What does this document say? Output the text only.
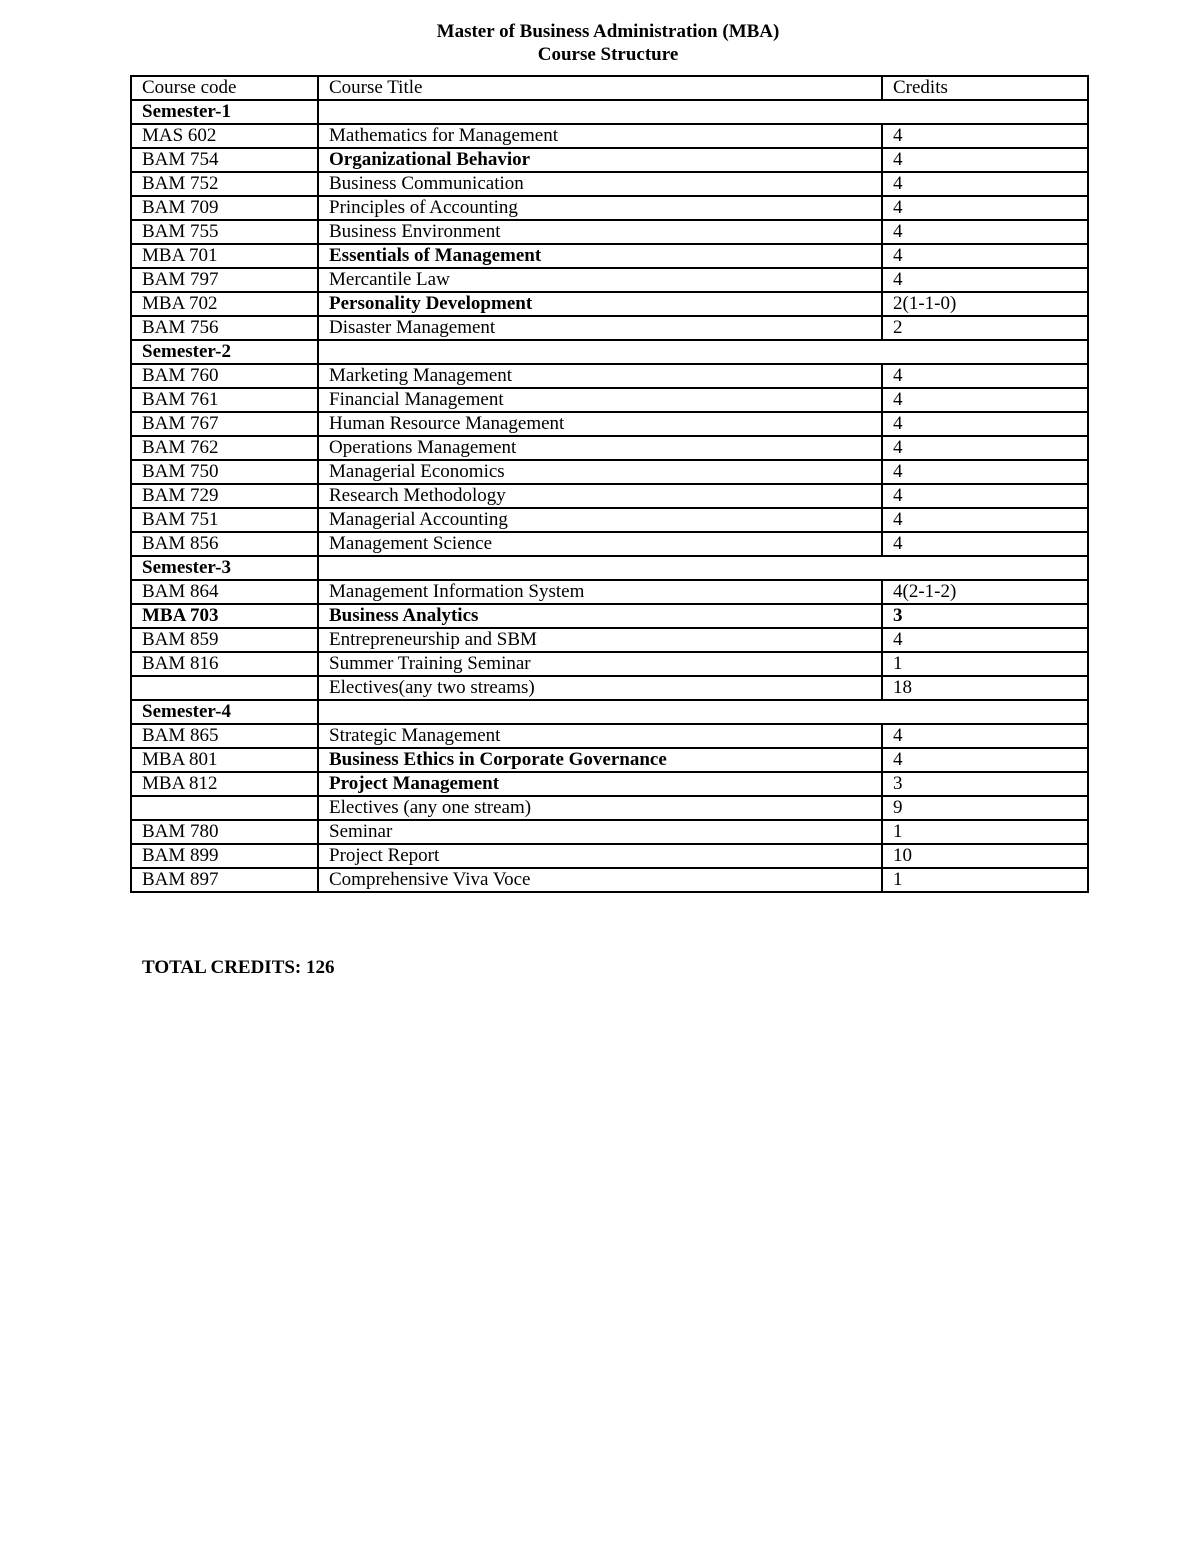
Master of Business Administration (MBA)
Course Structure
Course code	Course Title	Credits
Semester-1		
MAS 602	Mathematics for Management	4
BAM 754	Organizational Behavior	4
BAM 752	Business Communication	4
BAM 709	Principles of Accounting	4
BAM 755	Business Environment	4
MBA 701	Essentials of Management	4
BAM 797	Mercantile Law	4
MBA 702	Personality Development	2(1-1-0)
BAM 756	Disaster Management	2
Semester-2		
BAM 760	Marketing Management	4
BAM 761	Financial Management	4
BAM 767	Human Resource Management	4
BAM 762	Operations Management	4
BAM 750	Managerial Economics	4
BAM 729	Research Methodology	4
BAM 751	Managerial Accounting	4
BAM 856	Management Science	4
Semester-3		
BAM 864	Management Information System	4(2-1-2)
MBA 703	Business Analytics	3
BAM 859	Entrepreneurship and SBM	4
BAM 816	Summer Training Seminar	1
	Electives(any two streams)	18
Semester-4		
BAM 865	Strategic Management	4
MBA 801	Business Ethics in Corporate Governance	4
MBA 812	Project Management	3
	Electives (any one stream)	9
BAM 780	Seminar	1
BAM 899	Project Report	10
BAM 897	Comprehensive Viva Voce	1
TOTAL CREDITS: 126
